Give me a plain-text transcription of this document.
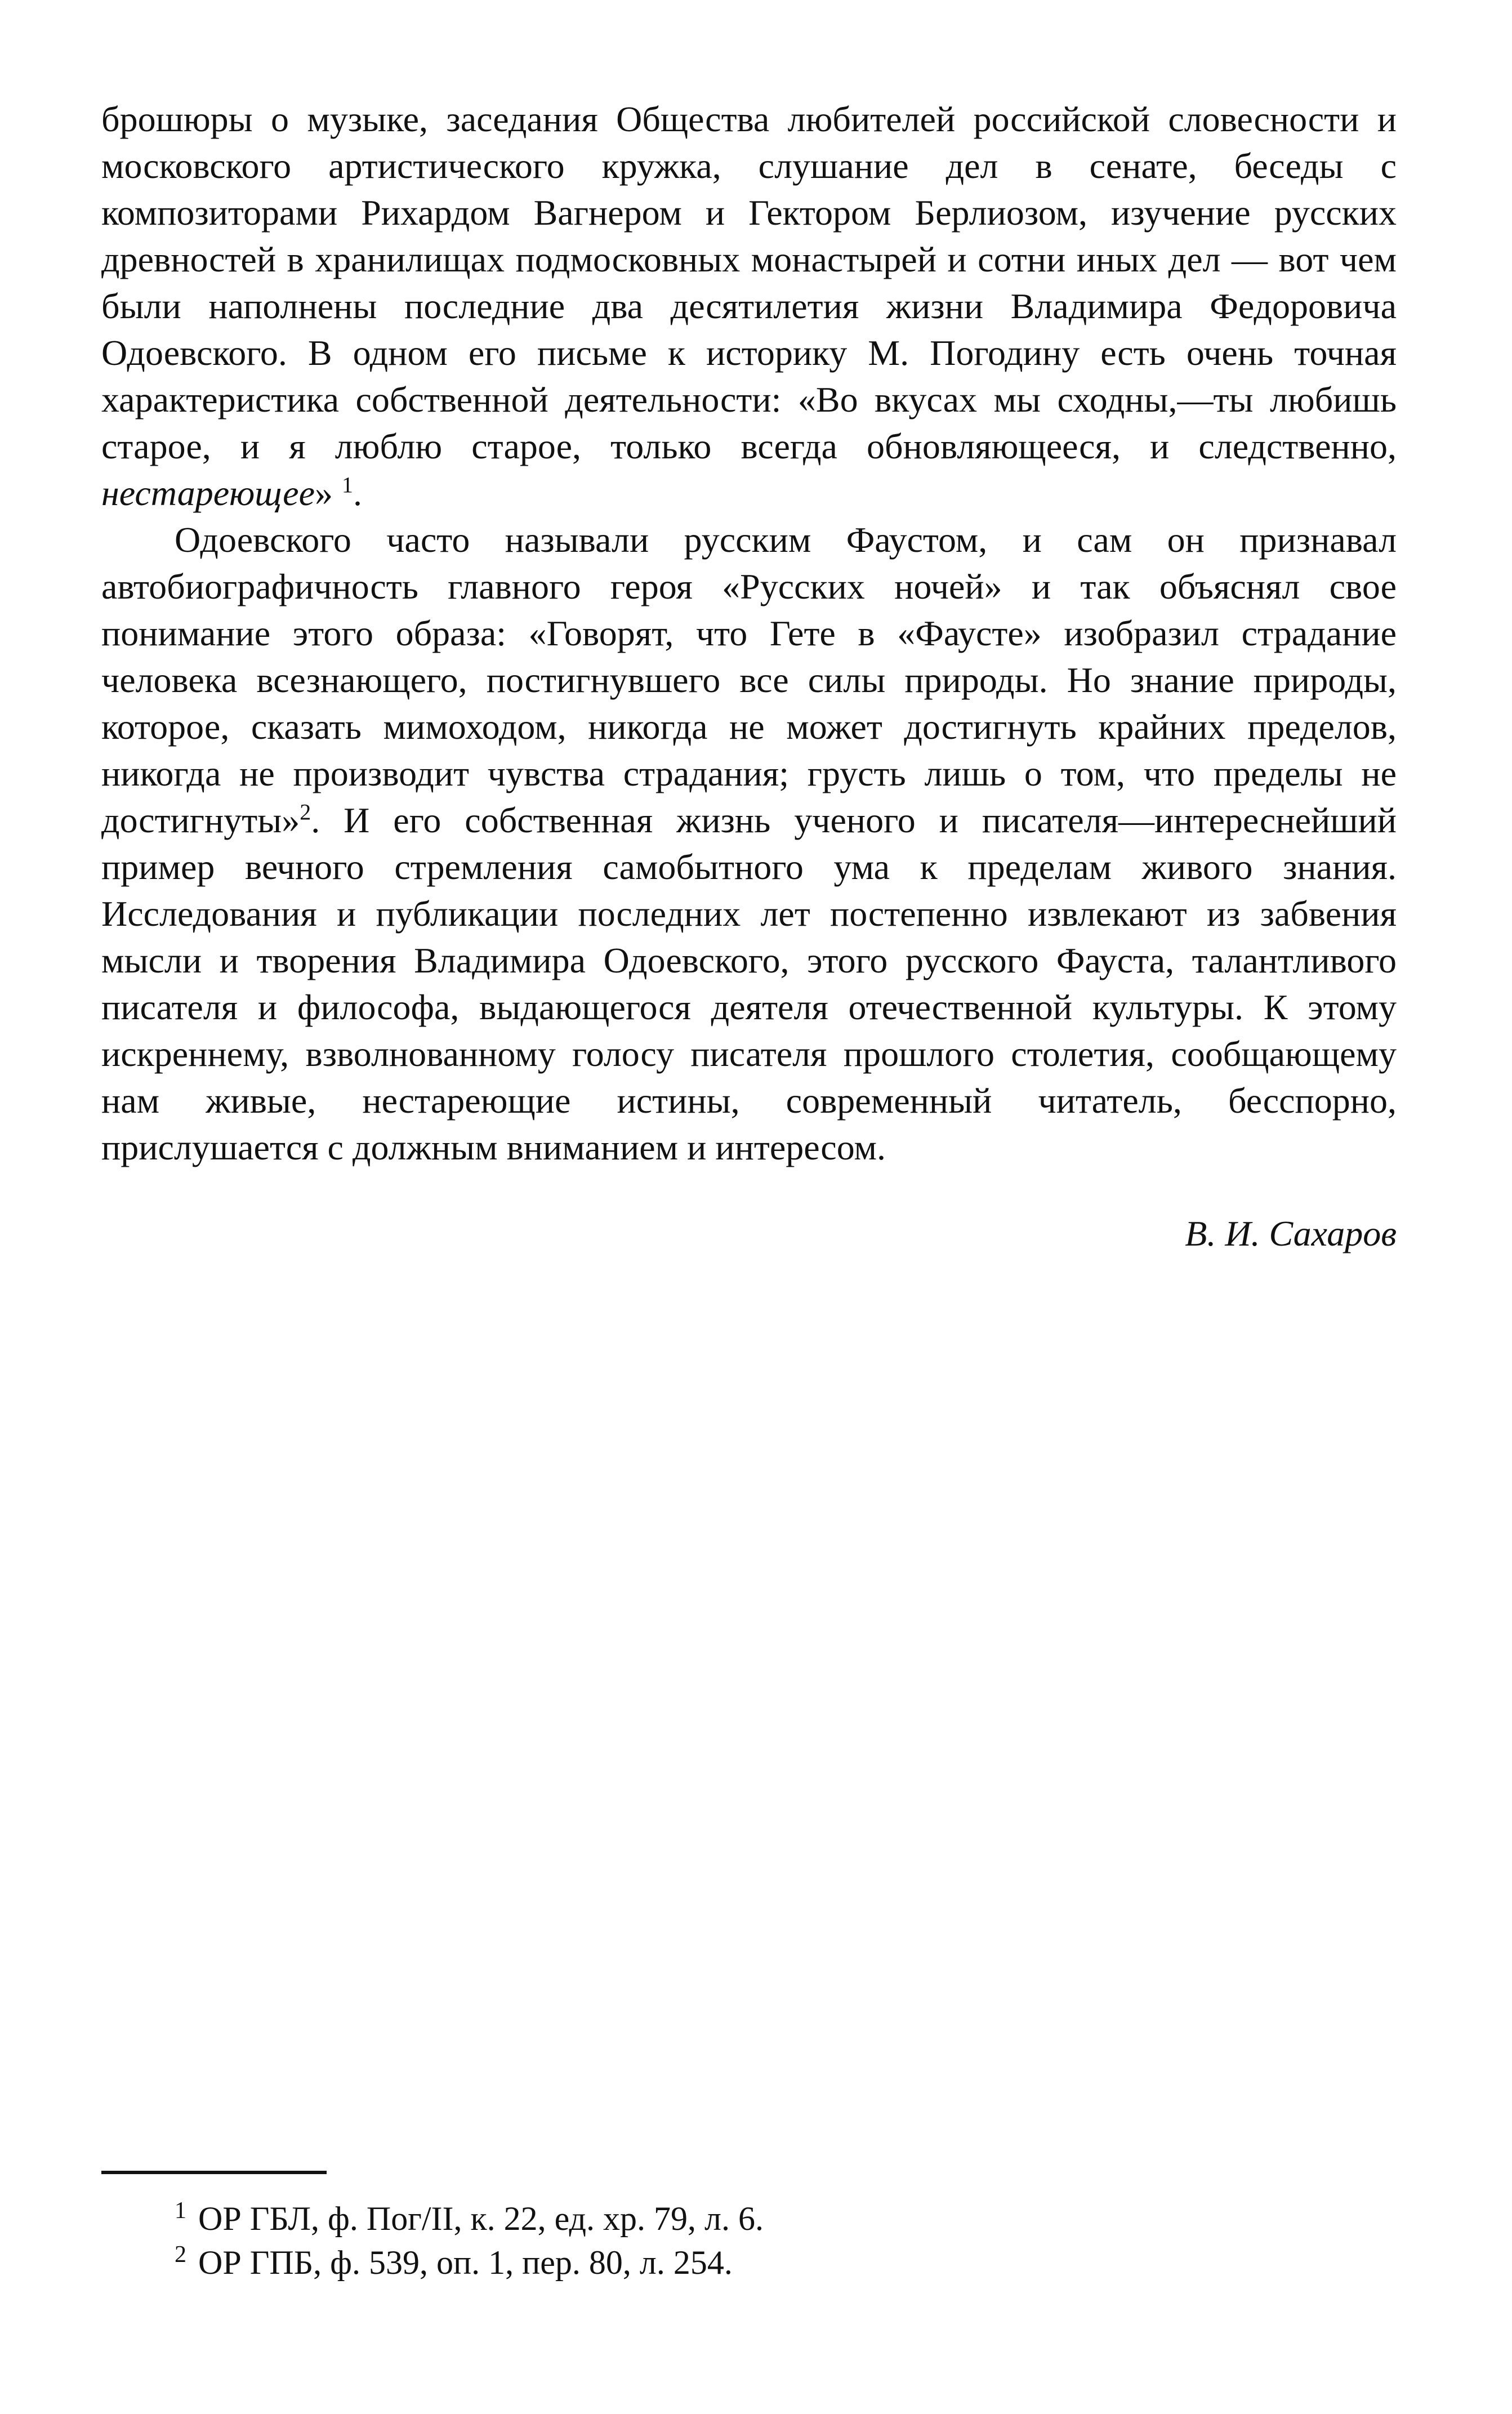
брошюры о музыке, заседания Общества любителей российской словесности и московского артистического кружка, слушание дел в сенате, беседы с композиторами Рихардом Вагнером и Гектором Берлиозом, изучение русских древностей в хранилищах подмосковных монастырей и сотни иных дел — вот чем были наполнены последние два десятилетия жизни Владимира Федоровича Одоевского. В одном его письме к историку М. Погодину есть очень точная характеристика собственной деятельности: «Во вкусах мы сходны,—ты любишь старое, и я люблю старое, только всегда обновляющееся, и следственно, нестареющее» $^1$.

Одоевского часто называли русским Фаустом, и сам он признавал автобиографичность главного героя «Русских ночей» и так объяснял свое понимание этого образа: «Говорят, что Гете в «Фаусте» изобразил страдание человека всезнающего, постигнувшего все силы природы. Но знание природы, которое, сказать мимоходом, никогда не может достигнуть крайних пределов, никогда не производит чувства страдания; грусть лишь о том, что пределы не достигнуты»$^2$. И его собственная жизнь ученого и писателя—интереснейший пример вечного стремления самобытного ума к пределам живого знания. Исследования и публикации последних лет постепенно извлекают из забвения мысли и творения Владимира Одоевского, этого русского Фауста, талантливого писателя и философа, выдающегося деятеля отечественной культуры. К этому искреннему, взволнованному голосу писателя прошлого столетия, сообщающему нам живые, нестареющие истины, современный читатель, бесспорно, прислушается с должным вниманием и интересом.

В. И. Сахаров
1 ОР ГБЛ, ф. Пог/II, к. 22, ед. хр. 79, л. 6.
2 ОР ГПБ, ф. 539, оп. 1, пер. 80, л. 254.
